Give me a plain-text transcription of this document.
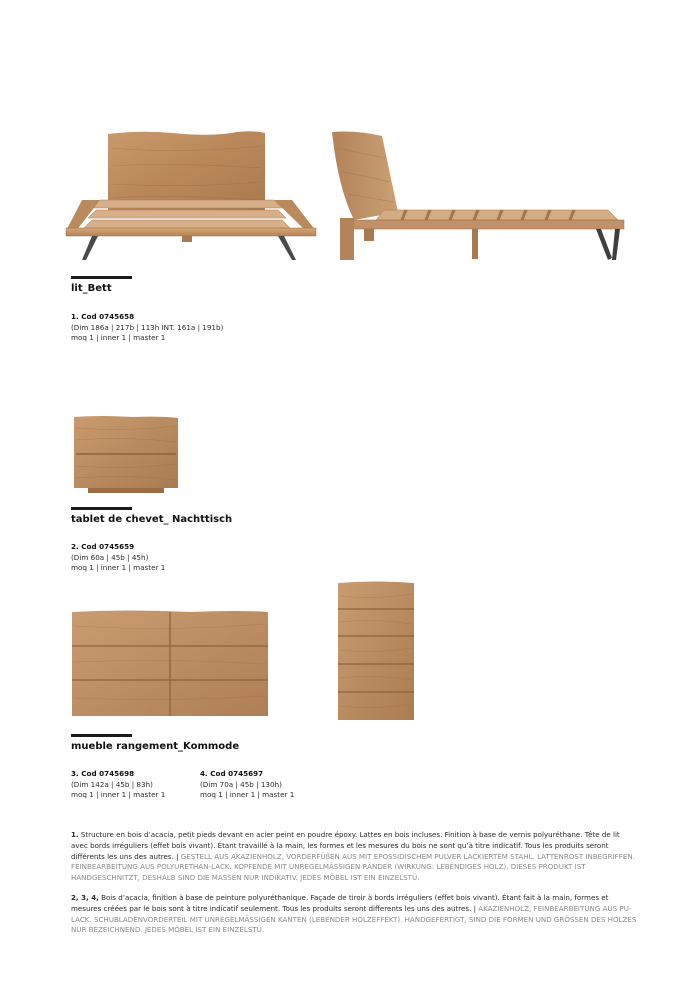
lit_Bett
1. Cod 0745658
(Dim 186a | 217b | 113h INT. 161a | 191b)
moq 1 | inner 1 | master 1
tablet de chevet_ Nachttisch
2. Cod 0745659
(Dim 60a | 45b | 45h)
moq 1 | inner 1 | master 1
mueble rangement_Kommode
3. Cod 0745698
(Dim 142a | 45b | 83h)
moq 1 | inner 1 | master 1
4. Cod 0745697
(Dim 70a | 45b | 130h)
moq 1 | inner 1 | master 1
1. Structure en bois d’acacia, petit pieds devant en acier peint en poudre époxy. Lattes en bois incluses. Finition à base de vernis polyuréthane. Tête de lit avec bords irréguliers (effet bois vivant). Étant travaillé à la main, les formes et les mesures du bois ne sont qu’à titre indicatif. Tous les produits seront différents les uns des autres. | GESTELL AUS AKAZIENHOLZ, VORDERFÜßEN AUS MIT EPOSSIDISCHEM PULVER LACKIERTEM STAHL. LATTENROST INBEGRIFFEN. FEINBEARBEITUNG AUS POLYURETHAN-LACK. KOPFENDE MIT UNREGELMÄSSIGEN RÄNDER (WIRKUNG: LEBENDIGES HOLZ). DIESES PRODUKT IST HANDGESCHNITZT, DESHALB SIND DIE MASSEN NUR INDIKATIV. JEDES MÖBEL IST EIN EINZELSTÜ.
2, 3, 4, Bois d’acacia, finition à base de peinture polyuréthanique. Façade de tiroir à bords irréguliers (effet bois vivant). Étant fait à la main, formes et mesures créées par le bois sont à titre indicatif seulement. Tous les produits seront differents les uns des autres. | AKAZIENHOLZ, FEINBEARBEITUNG AUS PU-LACK. SCHUBLADENVORDERTEIL MIT UNREGELMÄSSIGEN KANTEN (LEBENDER HOLZEFFEKT). HANDGEFERTIGT, SIND DIE FORMEN UND GRÖSSEN DES HOLZES NUR BEZEICHNEND. JEDES MÖBEL IST EIN EINZELSTÜ.
